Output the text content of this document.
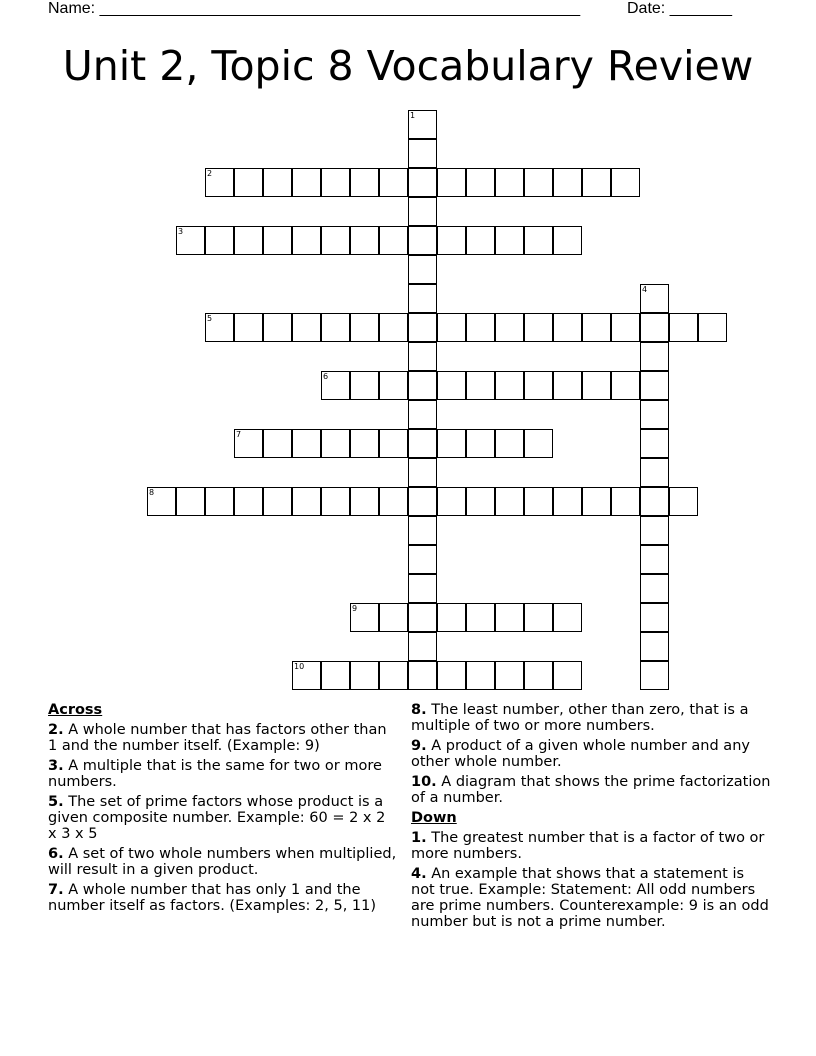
Name: ______________________________________________________	Date: _______
Unit 2, Topic 8 Vocabulary Review
1
2
3
4
5
6
7
8
9
10
Across
2. A whole number that has factors other than 1 and the number itself. (Example: 9)
3. A multiple that is the same for two or more numbers.
5. The set of prime factors whose product is a given composite number. Example: 60 = 2 x 2 x 3 x 5
6. A set of two whole numbers when multiplied, will result in a given product.
7. A whole number that has only 1 and the number itself as factors. (Examples: 2, 5, 11)
8. The least number, other than zero, that is a multiple of two or more numbers.
9. A product of a given whole number and any other whole number.
10. A diagram that shows the prime factorization of a number.
Down
1. The greatest number that is a factor of two or more numbers.
4. An example that shows that a statement is not true. Example: Statement: All odd numbers are prime numbers. Counterexample: 9 is an odd number but is not a prime number.
